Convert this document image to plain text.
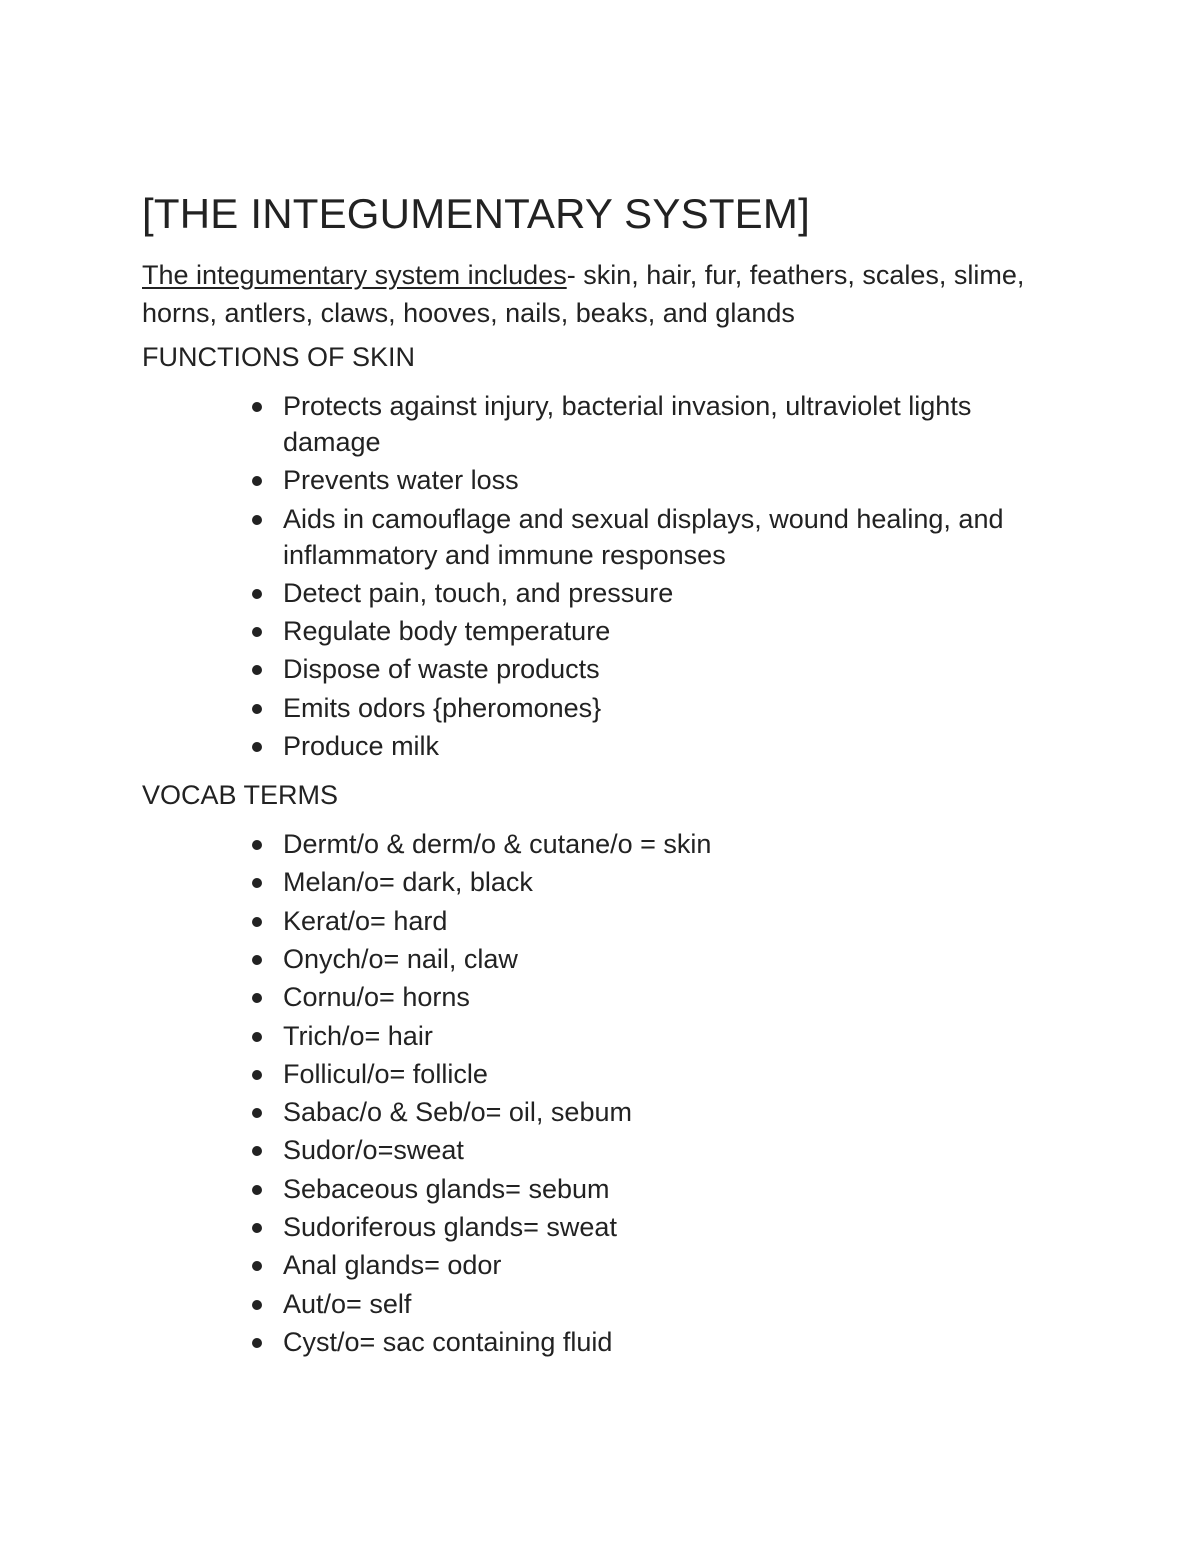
[THE INTEGUMENTARY SYSTEM]

The integumentary system includes- skin, hair, fur, feathers, scales, slime, horns, antlers, claws, hooves, nails, beaks, and glands

FUNCTIONS OF SKIN
Protects against injury, bacterial invasion, ultraviolet lights damage
Prevents water loss
Aids in camouflage and sexual displays, wound healing, and inflammatory and immune responses
Detect pain, touch, and pressure
Regulate body temperature
Dispose of waste products
Emits odors {pheromones}
Produce milk
VOCAB TERMS
Dermt/o & derm/o & cutane/o = skin
Melan/o= dark, black
Kerat/o= hard
Onych/o= nail, claw
Cornu/o= horns
Trich/o= hair
Follicul/o= follicle
Sabac/o & Seb/o= oil, sebum
Sudor/o=sweat
Sebaceous glands= sebum
Sudoriferous glands= sweat
Anal glands= odor
Aut/o= self
Cyst/o= sac containing fluid
